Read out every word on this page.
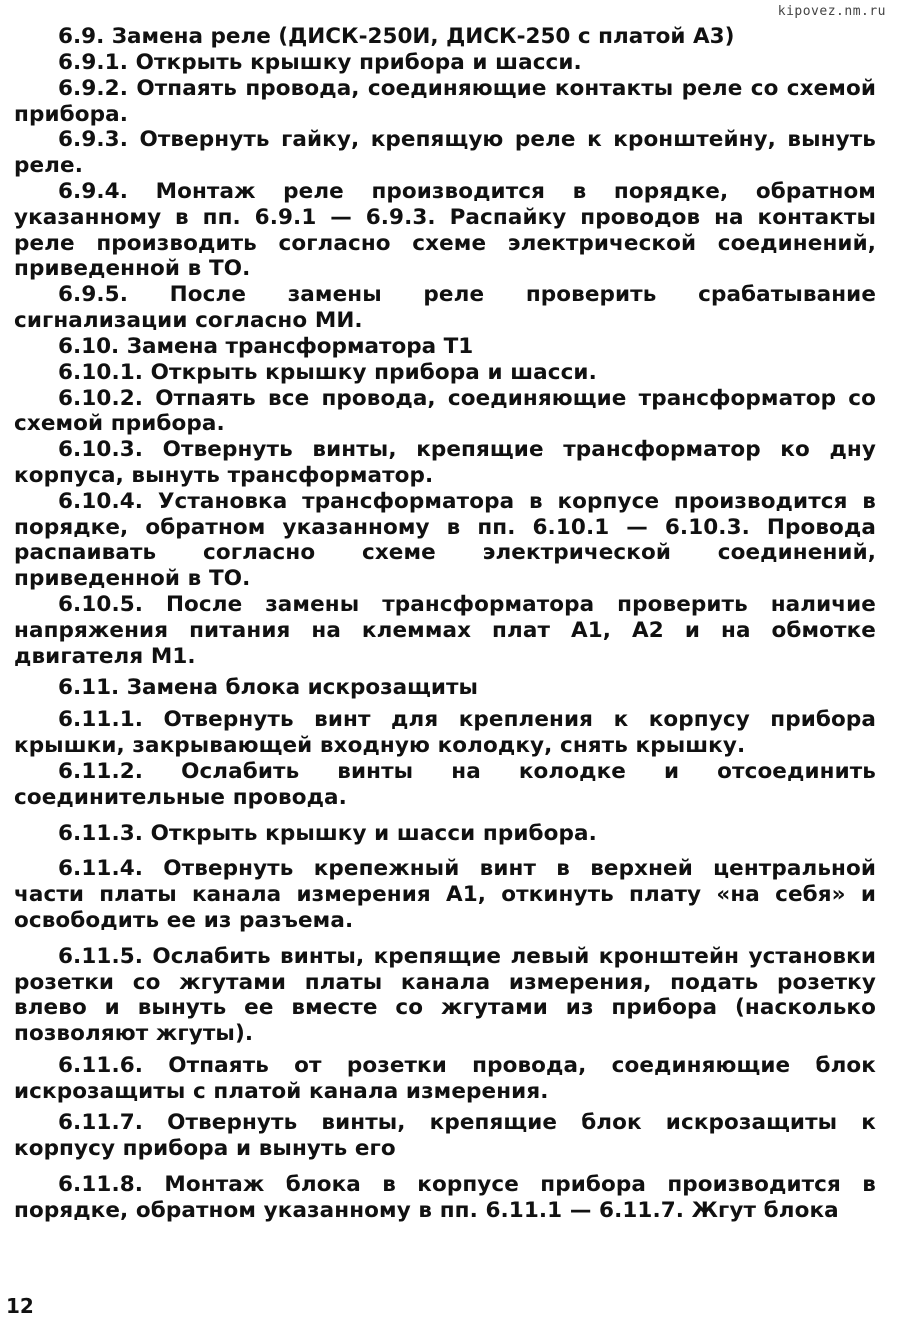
kipovez.nm.ru

6.9. Замена реле (ДИСК-250И, ДИСК-250 с платой А3)

6.9.1. Открыть крышку прибора и шасси.

6.9.2. Отпаять провода, соединяющие контакты реле со схемой прибора.

6.9.3. Отвернуть гайку, крепящую реле к кронштейну, вынуть реле.

6.9.4. Монтаж реле производится в порядке, обратном указанному в пп. 6.9.1 — 6.9.3. Распайку проводов на контакты реле производить согласно схеме электрической соединений, приведенной в ТО.

6.9.5. После замены реле проверить срабатывание сигнализации согласно МИ.

6.10. Замена трансформатора Т1

6.10.1. Открыть крышку прибора и шасси.

6.10.2. Отпаять все провода, соединяющие трансформатор со схемой прибора.

6.10.3. Отвернуть винты, крепящие трансформатор ко дну корпуса, вынуть трансформатор.

6.10.4. Установка трансформатора в корпусе производится в порядке, обратном указанному в пп. 6.10.1 — 6.10.3. Провода распаивать согласно схеме электрической соединений, приведенной в ТО.

6.10.5. После замены трансформатора проверить наличие напряжения питания на клеммах плат А1, А2 и на обмотке двигателя М1.

6.11. Замена блока искрозащиты

6.11.1. Отвернуть винт для крепления к корпусу прибора крышки, закрывающей входную колодку, снять крышку.

6.11.2. Ослабить винты на колодке и отсоединить соединительные провода.

6.11.3. Открыть крышку и шасси прибора.

6.11.4. Отвернуть крепежный винт в верхней центральной части платы канала измерения А1, откинуть плату «на себя» и освободить ее из разъема.

6.11.5. Ослабить винты, крепящие левый кронштейн установки розетки со жгутами платы канала измерения, подать розетку влево и вынуть ее вместе со жгутами из прибора (насколько позволяют жгуты).

6.11.6. Отпаять от розетки провода, соединяющие блок искрозащиты с платой канала измерения.

6.11.7. Отвернуть винты, крепящие блок искрозащиты к корпусу прибора и вынуть его

6.11.8. Монтаж блока в корпусе прибора производится в порядке, обратном указанному в пп. 6.11.1 — 6.11.7. Жгут блока

12
